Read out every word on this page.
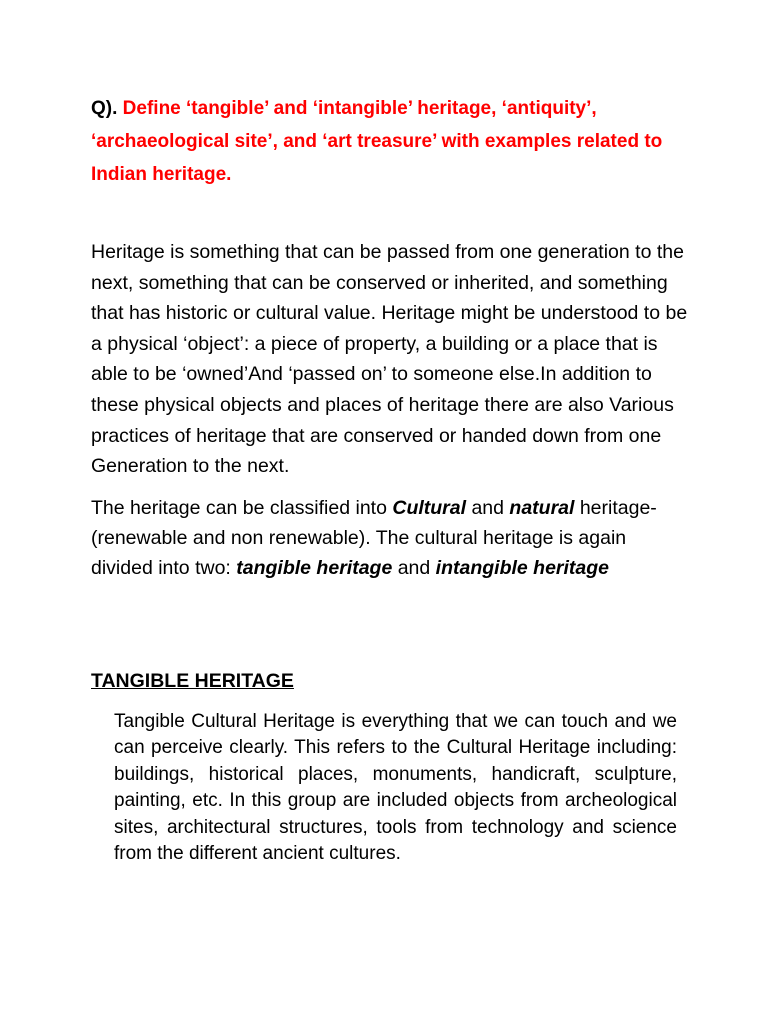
Q). Define ‘tangible’ and ‘intangible’ heritage, ‘antiquity’, ‘archaeological site’, and ‘art treasure’ with examples related to Indian heritage.
Heritage is something that can be passed from one generation to the next, something that can be conserved or inherited, and something that has historic or cultural value. Heritage might be understood to be a physical ‘object’: a piece of property, a building or a place that is able to be ‘owned’And ‘passed on’ to someone else.In addition to these physical objects and places of heritage there are also Various practices of heritage that are conserved or handed down from one Generation to the next.
The heritage can be classified into Cultural and natural heritage- (renewable and non renewable). The cultural heritage is again divided into two: tangible heritage and intangible heritage
TANGIBLE HERITAGE
Tangible Cultural Heritage is everything that we can touch and we can perceive clearly. This refers to the Cultural Heritage including: buildings, historical places, monuments, handicraft, sculpture, painting, etc. In this group are included objects from archeological sites, architectural structures, tools from technology and science from the different ancient cultures.
